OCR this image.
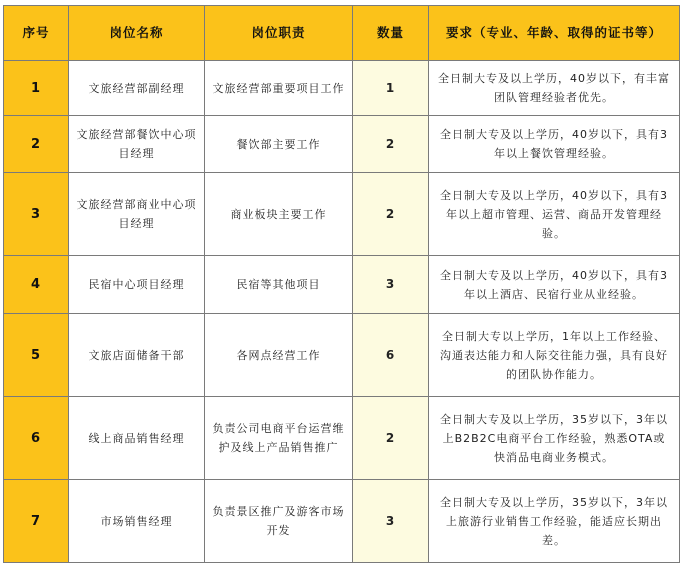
序号	岗位名称	岗位职责	数量	要求（专业、年龄、取得的证书等）
1	文旅经营部副经理	文旅经营部重要项目工作	1	全日制大专及以上学历，40岁以下，有丰富团队管理经验者优先。
2	文旅经营部餐饮中心项目经理	餐饮部主要工作	2	全日制大专及以上学历，40岁以下，具有3年以上餐饮管理经验。
3	文旅经营部商业中心项目经理	商业板块主要工作	2	全日制大专及以上学历，40岁以下，具有3年以上超市管理、运营、商品开发管理经验。
4	民宿中心项目经理	民宿等其他项目	3	全日制大专及以上学历，40岁以下，具有3年以上酒店、民宿行业从业经验。
5	文旅店面储备干部	各网点经营工作	6	全日制大专以上学历，1年以上工作经验、沟通表达能力和人际交往能力强，具有良好的团队协作能力。
6	线上商品销售经理	负责公司电商平台运营维护及线上产品销售推广	2	全日制大专及以上学历，35岁以下，3年以上B2B2C电商平台工作经验，熟悉OTA或快消品电商业务模式。
7	市场销售经理	负责景区推广及游客市场开发	3	全日制大专及以上学历，35岁以下，3年以上旅游行业销售工作经验，能适应长期出差。
